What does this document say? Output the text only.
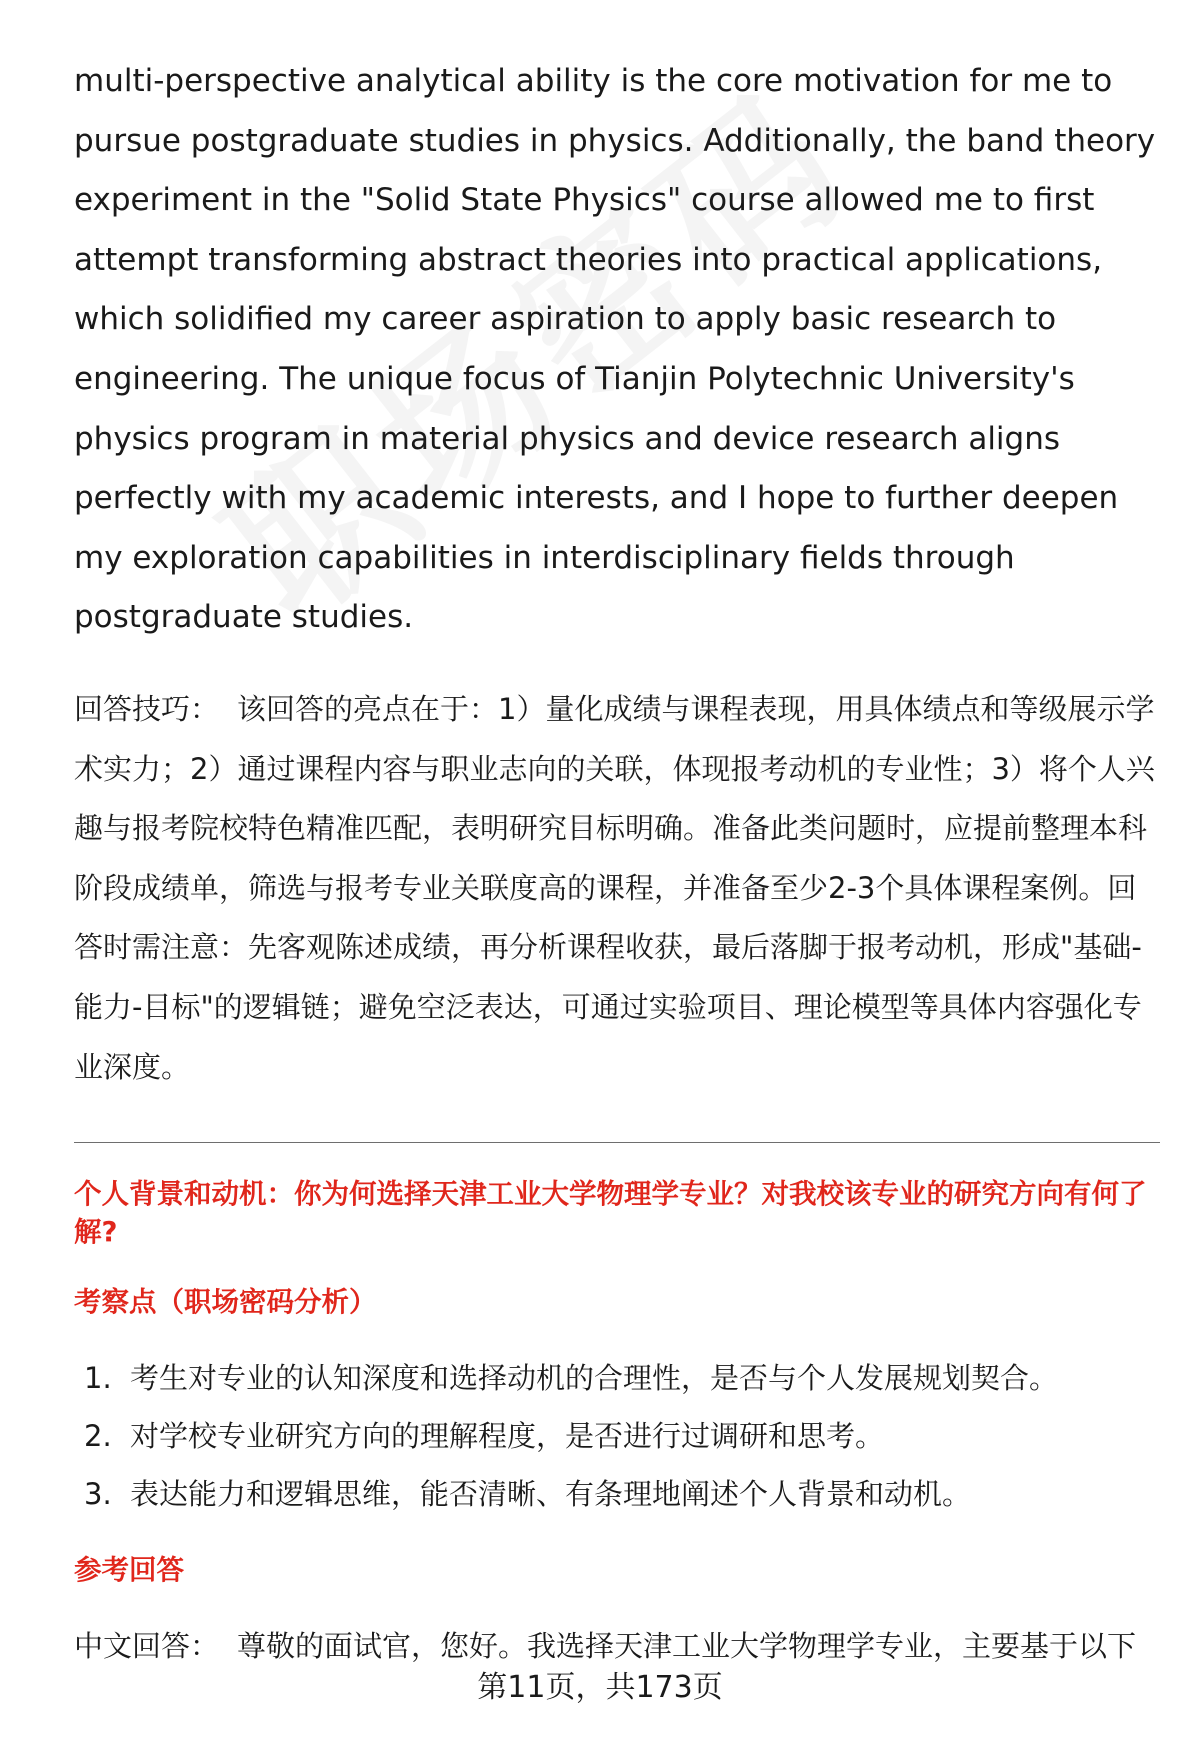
multi-perspective analytical ability is the core motivation for me to pursue postgraduate studies in physics. Additionally, the band theory experiment in the "Solid State Physics" course allowed me to first attempt transforming abstract theories into practical applications, which solidified my career aspiration to apply basic research to engineering. The unique focus of Tianjin Polytechnic University's physics program in material physics and device research aligns perfectly with my academic interests, and I hope to further deepen my exploration capabilities in interdisciplinary fields through postgraduate studies.

回答技巧： 该回答的亮点在于：1）量化成绩与课程表现，用具体绩点和等级展示学术实力；2）通过课程内容与职业志向的关联，体现报考动机的专业性；3）将个人兴趣与报考院校特色精准匹配，表明研究目标明确。准备此类问题时，应提前整理本科阶段成绩单，筛选与报考专业关联度高的课程，并准备至少2-3个具体课程案例。回答时需注意：先客观陈述成绩，再分析课程收获，最后落脚于报考动机，形成"基础-能力-目标"的逻辑链；避免空泛表达，可通过实验项目、理论模型等具体内容强化专业深度。

个人背景和动机：你为何选择天津工业大学物理学专业？对我校该专业的研究方向有何了解?
考察点（职场密码分析）
1. 考生对专业的认知深度和选择动机的合理性，是否与个人发展规划契合。
2. 对学校专业研究方向的理解程度，是否进行过调研和思考。
3. 表达能力和逻辑思维，能否清晰、有条理地阐述个人背景和动机。
参考回答

中文回答： 尊敬的面试官，您好。我选择天津工业大学物理学专业，主要基于以下

第11页，共173页
